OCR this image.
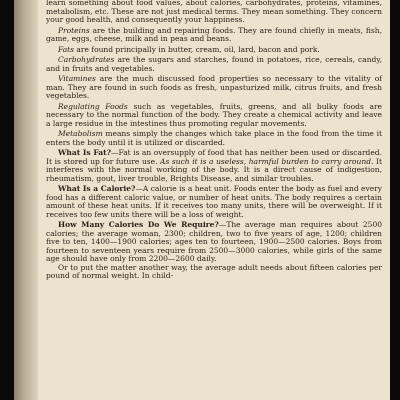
learn something about food values, about calories, carbohydrates, proteins, vitamines, metabolism, etc. These are not just medical terms. They mean something. They concern your good health, and consequently your happiness.

Proteins are the building and repairing foods. They are found chiefly in meats, fish, game, eggs, cheese, milk and in peas and beans.

Fats are found principally in butter, cream, oil, lard, bacon and pork.

Carbohydrates are the sugars and starches, found in potatoes, rice, cereals, candy, and in fruits and vegetables.

Vitamines are the much discussed food properties so necessary to the vitality of man. They are found in such foods as fresh, unpasturized milk, citrus fruits, and fresh vegetables.

Regulating Foods such as vegetables, fruits, greens, and all bulky foods are necessary to the normal function of the body. They create a chemical activity and leave a large residue in the intestines thus promoting regular movements.

Metabolism means simply the changes which take place in the food from the time it enters the body until it is utilized or discarded.

What Is Fat?—Fat is an oversupply of food that has neither been used or discarded. It is stored up for future use. As such it is a useless, harmful burden to carry around. It interferes with the normal working of the body. It is a direct cause of indigestion, rheumatism, gout, liver trouble, Brights Disease, and similar troubles.

What Is a Calorie?—A calorie is a heat unit. Foods enter the body as fuel and every food has a different caloric value, or number of heat units. The body requires a certain amount of these heat units. If it receives too many units, there will be overweight. If it receives too few units there will be a loss of weight.

How Many Calories Do We Require?—The average man requires about 2500 calories; the average woman, 2300; children, two to five years of age, 1200; children five to ten, 1400—1900 calories; ages ten to fourteen, 1900—2500 calories. Boys from fourteen to seventeen years require from 2500—3000 calories, while girls of the same age should have only from 2200—2600 daily.

Or to put the matter another way, the average adult needs about fifteen calories per pound of normal weight. In child-
